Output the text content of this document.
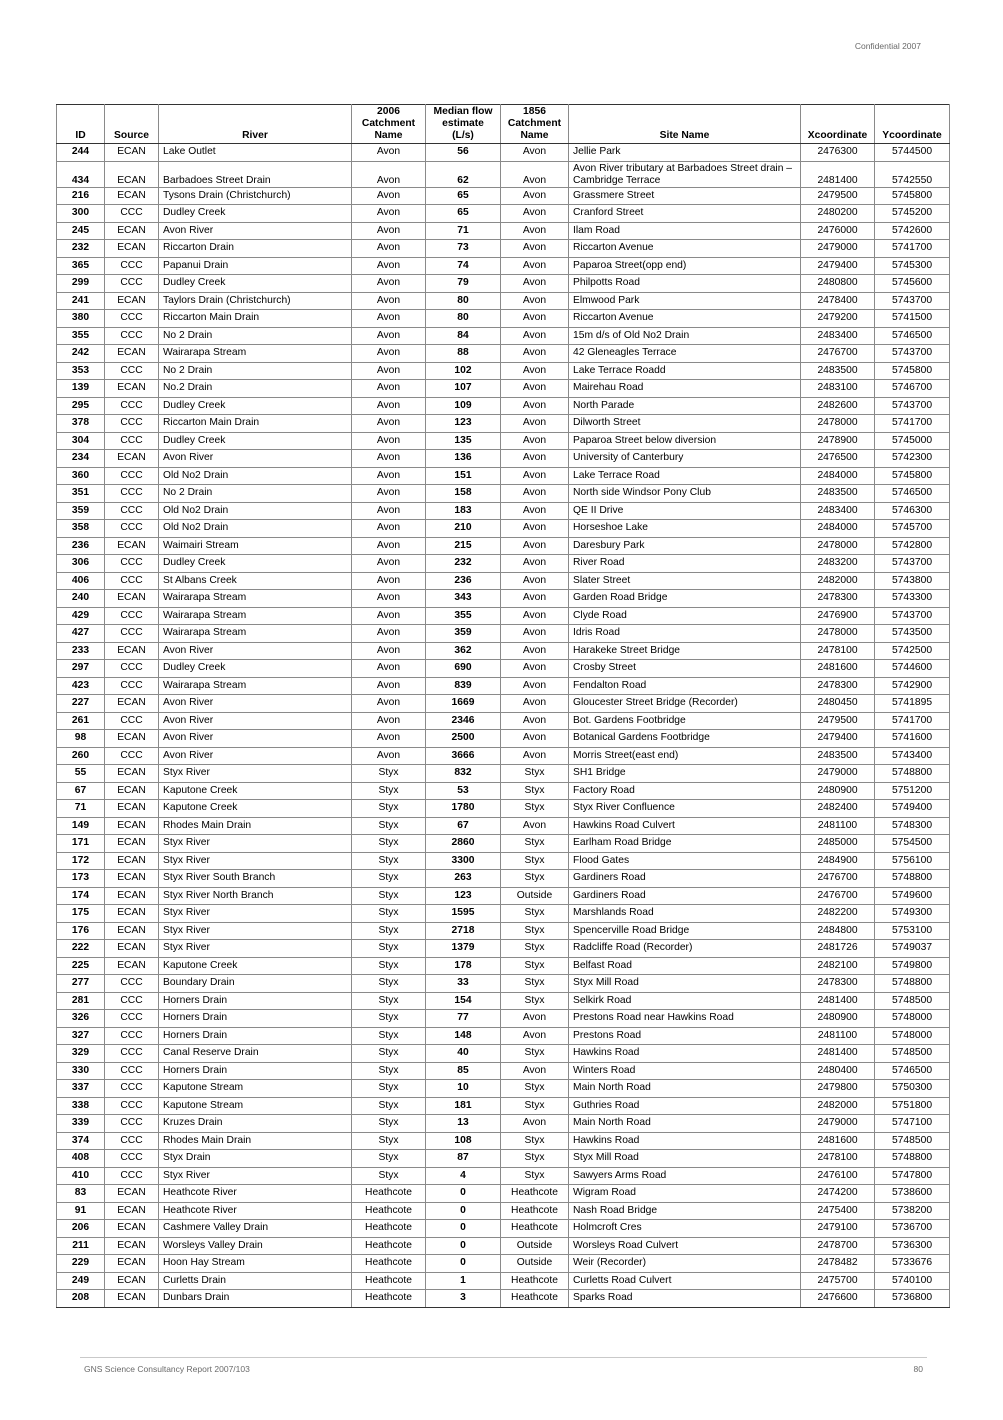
Confidential 2007
ID	Source	River	2006 Catchment Name	Median flow estimate (L/s)	1856 Catchment Name	Site Name	Xcoordinate	Ycoordinate
244	ECAN	Lake Outlet	Avon	56	Avon	Jellie Park	2476300	5744500
434	ECAN	Barbadoes Street Drain	Avon	62	Avon	Avon River tributary at Barbadoes Street drain – Cambridge Terrace	2481400	5742550
216	ECAN	Tysons Drain (Christchurch)	Avon	65	Avon	Grassmere Street	2479500	5745800
300	CCC	Dudley Creek	Avon	65	Avon	Cranford Street	2480200	5745200
245	ECAN	Avon River	Avon	71	Avon	Ilam Road	2476000	5742600
232	ECAN	Riccarton Drain	Avon	73	Avon	Riccarton Avenue	2479000	5741700
365	CCC	Papanui Drain	Avon	74	Avon	Paparoa Street(opp end)	2479400	5745300
299	CCC	Dudley Creek	Avon	79	Avon	Philpotts Road	2480800	5745600
241	ECAN	Taylors Drain (Christchurch)	Avon	80	Avon	Elmwood Park	2478400	5743700
380	CCC	Riccarton Main Drain	Avon	80	Avon	Riccarton Avenue	2479200	5741500
355	CCC	No 2 Drain	Avon	84	Avon	15m d/s of Old No2 Drain	2483400	5746500
242	ECAN	Wairarapa Stream	Avon	88	Avon	42 Gleneagles Terrace	2476700	5743700
353	CCC	No 2 Drain	Avon	102	Avon	Lake Terrace Roadd	2483500	5745800
139	ECAN	No.2 Drain	Avon	107	Avon	Mairehau Road	2483100	5746700
295	CCC	Dudley Creek	Avon	109	Avon	North Parade	2482600	5743700
378	CCC	Riccarton Main Drain	Avon	123	Avon	Dilworth Street	2478000	5741700
304	CCC	Dudley Creek	Avon	135	Avon	Paparoa Street below diversion	2478900	5745000
234	ECAN	Avon River	Avon	136	Avon	University of Canterbury	2476500	5742300
360	CCC	Old No2 Drain	Avon	151	Avon	Lake Terrace Road	2484000	5745800
351	CCC	No 2 Drain	Avon	158	Avon	North side Windsor Pony Club	2483500	5746500
359	CCC	Old No2 Drain	Avon	183	Avon	QE II Drive	2483400	5746300
358	CCC	Old No2 Drain	Avon	210	Avon	Horseshoe Lake	2484000	5745700
236	ECAN	Waimairi Stream	Avon	215	Avon	Daresbury Park	2478000	5742800
306	CCC	Dudley Creek	Avon	232	Avon	River Road	2483200	5743700
406	CCC	St Albans Creek	Avon	236	Avon	Slater Street	2482000	5743800
240	ECAN	Wairarapa Stream	Avon	343	Avon	Garden Road Bridge	2478300	5743300
429	CCC	Wairarapa Stream	Avon	355	Avon	Clyde Road	2476900	5743700
427	CCC	Wairarapa Stream	Avon	359	Avon	Idris Road	2478000	5743500
233	ECAN	Avon River	Avon	362	Avon	Harakeke Street Bridge	2478100	5742500
297	CCC	Dudley Creek	Avon	690	Avon	Crosby Street	2481600	5744600
423	CCC	Wairarapa Stream	Avon	839	Avon	Fendalton Road	2478300	5742900
227	ECAN	Avon River	Avon	1669	Avon	Gloucester Street Bridge (Recorder)	2480450	5741895
261	CCC	Avon River	Avon	2346	Avon	Bot. Gardens Footbridge	2479500	5741700
98	ECAN	Avon River	Avon	2500	Avon	Botanical Gardens Footbridge	2479400	5741600
260	CCC	Avon River	Avon	3666	Avon	Morris Street(east end)	2483500	5743400
55	ECAN	Styx River	Styx	832	Styx	SH1 Bridge	2479000	5748800
67	ECAN	Kaputone Creek	Styx	53	Styx	Factory Road	2480900	5751200
71	ECAN	Kaputone Creek	Styx	1780	Styx	Styx River Confluence	2482400	5749400
149	ECAN	Rhodes Main Drain	Styx	67	Avon	Hawkins Road Culvert	2481100	5748300
171	ECAN	Styx River	Styx	2860	Styx	Earlham Road Bridge	2485000	5754500
172	ECAN	Styx River	Styx	3300	Styx	Flood Gates	2484900	5756100
173	ECAN	Styx River South Branch	Styx	263	Styx	Gardiners Road	2476700	5748800
174	ECAN	Styx River North Branch	Styx	123	Outside	Gardiners Road	2476700	5749600
175	ECAN	Styx River	Styx	1595	Styx	Marshlands Road	2482200	5749300
176	ECAN	Styx River	Styx	2718	Styx	Spencerville Road Bridge	2484800	5753100
222	ECAN	Styx River	Styx	1379	Styx	Radcliffe Road (Recorder)	2481726	5749037
225	ECAN	Kaputone Creek	Styx	178	Styx	Belfast Road	2482100	5749800
277	CCC	Boundary Drain	Styx	33	Styx	Styx Mill Road	2478300	5748800
281	CCC	Horners Drain	Styx	154	Styx	Selkirk Road	2481400	5748500
326	CCC	Horners Drain	Styx	77	Avon	Prestons Road near Hawkins Road	2480900	5748000
327	CCC	Horners Drain	Styx	148	Avon	Prestons Road	2481100	5748000
329	CCC	Canal Reserve Drain	Styx	40	Styx	Hawkins Road	2481400	5748500
330	CCC	Horners Drain	Styx	85	Avon	Winters Road	2480400	5746500
337	CCC	Kaputone Stream	Styx	10	Styx	Main North Road	2479800	5750300
338	CCC	Kaputone Stream	Styx	181	Styx	Guthries Road	2482000	5751800
339	CCC	Kruzes Drain	Styx	13	Avon	Main North Road	2479000	5747100
374	CCC	Rhodes Main Drain	Styx	108	Styx	Hawkins Road	2481600	5748500
408	CCC	Styx Drain	Styx	87	Styx	Styx Mill Road	2478100	5748800
410	CCC	Styx River	Styx	4	Styx	Sawyers Arms Road	2476100	5747800
83	ECAN	Heathcote River	Heathcote	0	Heathcote	Wigram Road	2474200	5738600
91	ECAN	Heathcote River	Heathcote	0	Heathcote	Nash Road Bridge	2475400	5738200
206	ECAN	Cashmere Valley Drain	Heathcote	0	Heathcote	Holmcroft Cres	2479100	5736700
211	ECAN	Worsleys Valley Drain	Heathcote	0	Outside	Worsleys Road Culvert	2478700	5736300
229	ECAN	Hoon Hay Stream	Heathcote	0	Outside	Weir (Recorder)	2478482	5733676
249	ECAN	Curletts Drain	Heathcote	1	Heathcote	Curletts Road Culvert	2475700	5740100
208	ECAN	Dunbars Drain	Heathcote	3	Heathcote	Sparks Road	2476600	5736800
GNS Science Consultancy Report 2007/103	80
